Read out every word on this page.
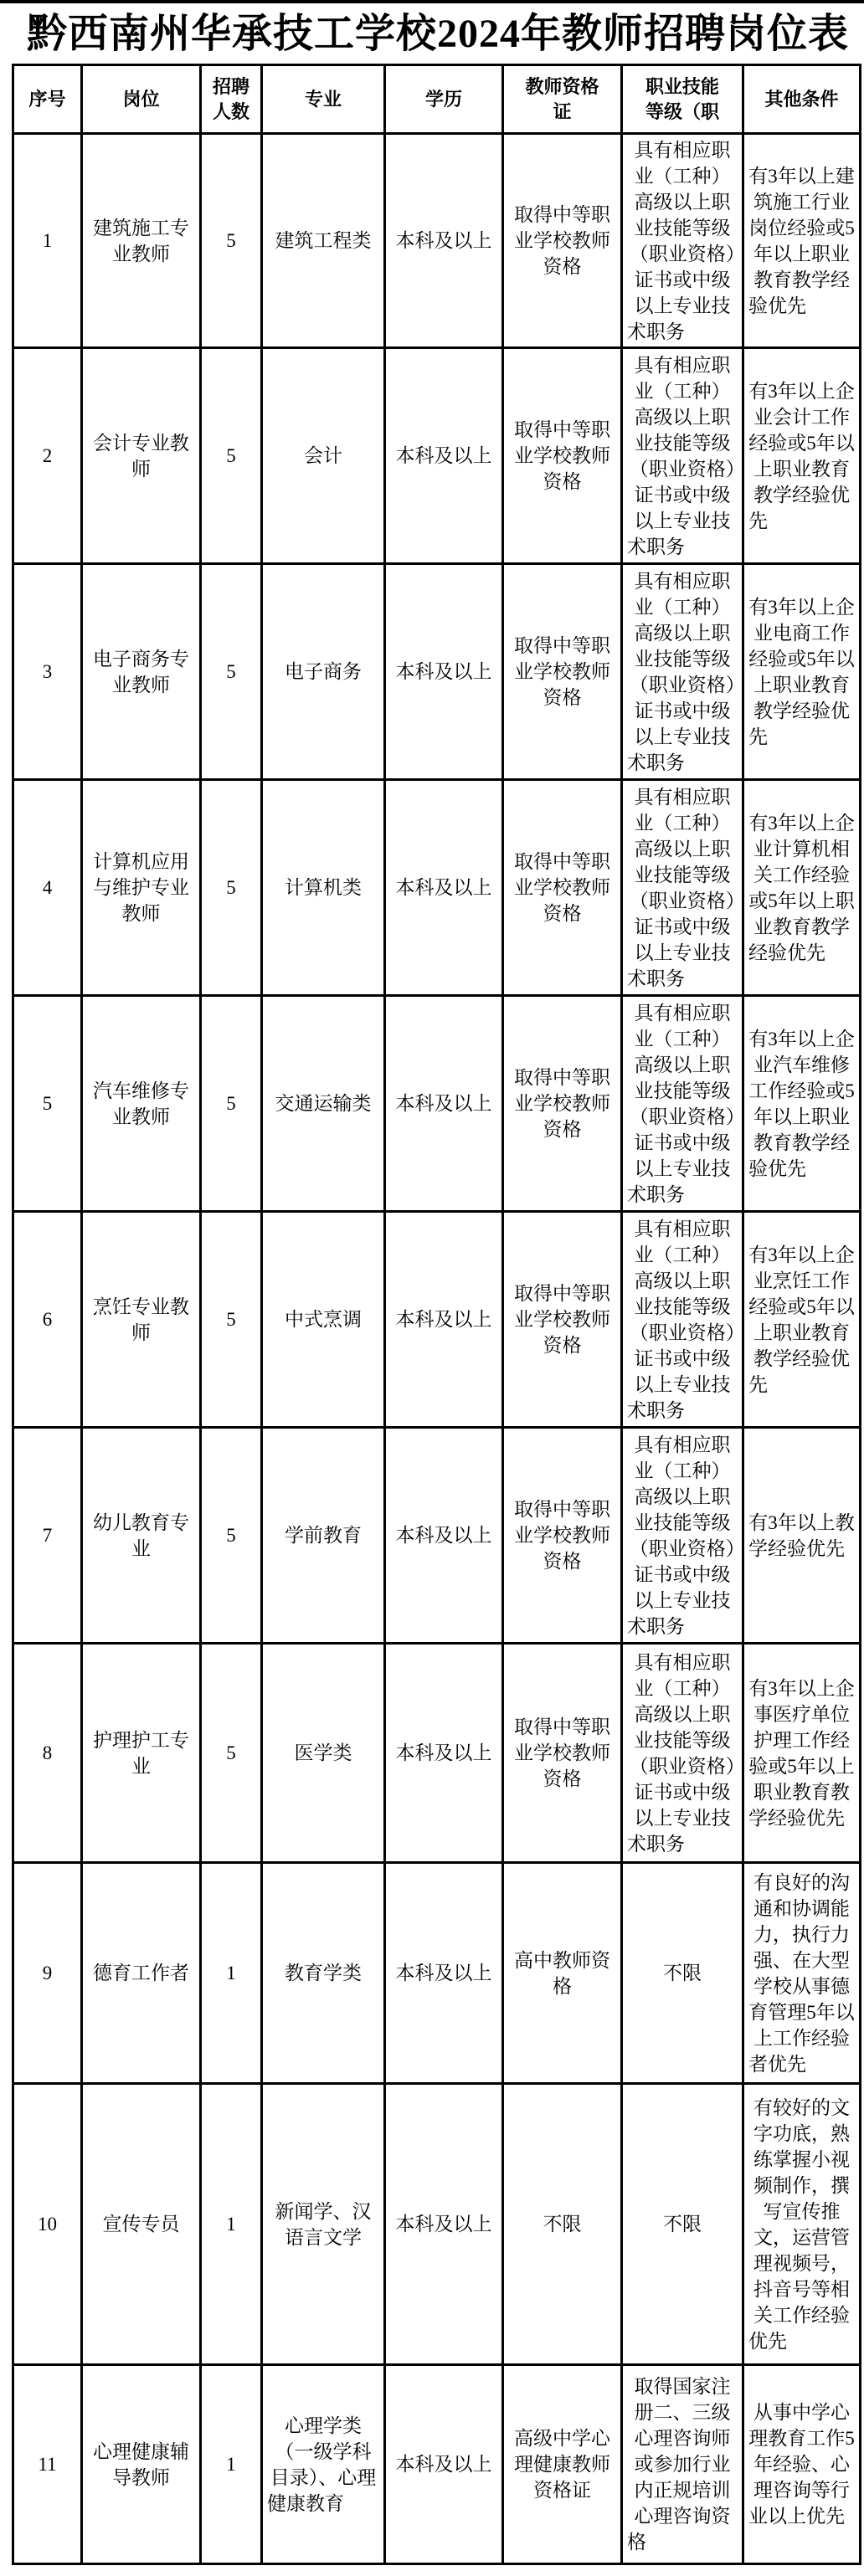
黔西南州华承技工学校2024年教师招聘岗位表
序号	岗位	招聘人数	专业	学历	教师资格证	职业技能等级（职	其他条件
1	建筑施工专业教师	5	建筑工程类	本科及以上	取得中等职业学校教师资格	具有相应职业（工种）高级以上职业技能等级（职业资格）证书或中级以上专业技术职务	有3年以上建筑施工行业岗位经验或5年以上职业教育教学经验优先
2	会计专业教师	5	会计	本科及以上	取得中等职业学校教师资格	具有相应职业（工种）高级以上职业技能等级（职业资格）证书或中级以上专业技术职务	有3年以上企业会计工作经验或5年以上职业教育教学经验优先
3	电子商务专业教师	5	电子商务	本科及以上	取得中等职业学校教师资格	具有相应职业（工种）高级以上职业技能等级（职业资格）证书或中级以上专业技术职务	有3年以上企业电商工作经验或5年以上职业教育教学经验优先
4	计算机应用与维护专业教师	5	计算机类	本科及以上	取得中等职业学校教师资格	具有相应职业（工种）高级以上职业技能等级（职业资格）证书或中级以上专业技术职务	有3年以上企业计算机相关工作经验或5年以上职业教育教学经验优先
5	汽车维修专业教师	5	交通运输类	本科及以上	取得中等职业学校教师资格	具有相应职业（工种）高级以上职业技能等级（职业资格）证书或中级以上专业技术职务	有3年以上企业汽车维修工作经验或5年以上职业教育教学经验优先
6	烹饪专业教师	5	中式烹调	本科及以上	取得中等职业学校教师资格	具有相应职业（工种）高级以上职业技能等级（职业资格）证书或中级以上专业技术职务	有3年以上企业烹饪工作经验或5年以上职业教育教学经验优先
7	幼儿教育专业	5	学前教育	本科及以上	取得中等职业学校教师资格	具有相应职业（工种）高级以上职业技能等级（职业资格）证书或中级以上专业技术职务	有3年以上教学经验优先
8	护理护工专业	5	医学类	本科及以上	取得中等职业学校教师资格	具有相应职业（工种）高级以上职业技能等级（职业资格）证书或中级以上专业技术职务	有3年以上企事医疗单位护理工作经验或5年以上职业教育教学经验优先
9	德育工作者	1	教育学类	本科及以上	高中教师资格	不限	有良好的沟通和协调能力，执行力强、在大型学校从事德育管理5年以上工作经验者优先
10	宣传专员	1	新闻学、汉语言文学	本科及以上	不限	不限	有较好的文字功底，熟练掌握小视频制作，撰写宣传推文，运营管理视频号，抖音号等相关工作经验优先
11	心理健康辅导教师	1	心理学类（一级学科目录）、心理健康教育	本科及以上	高级中学心理健康教师资格证	取得国家注册二、三级心理咨询师或参加行业内正规培训心理咨询资格	从事中学心理教育工作5年经验、心理咨询等行业以上优先
